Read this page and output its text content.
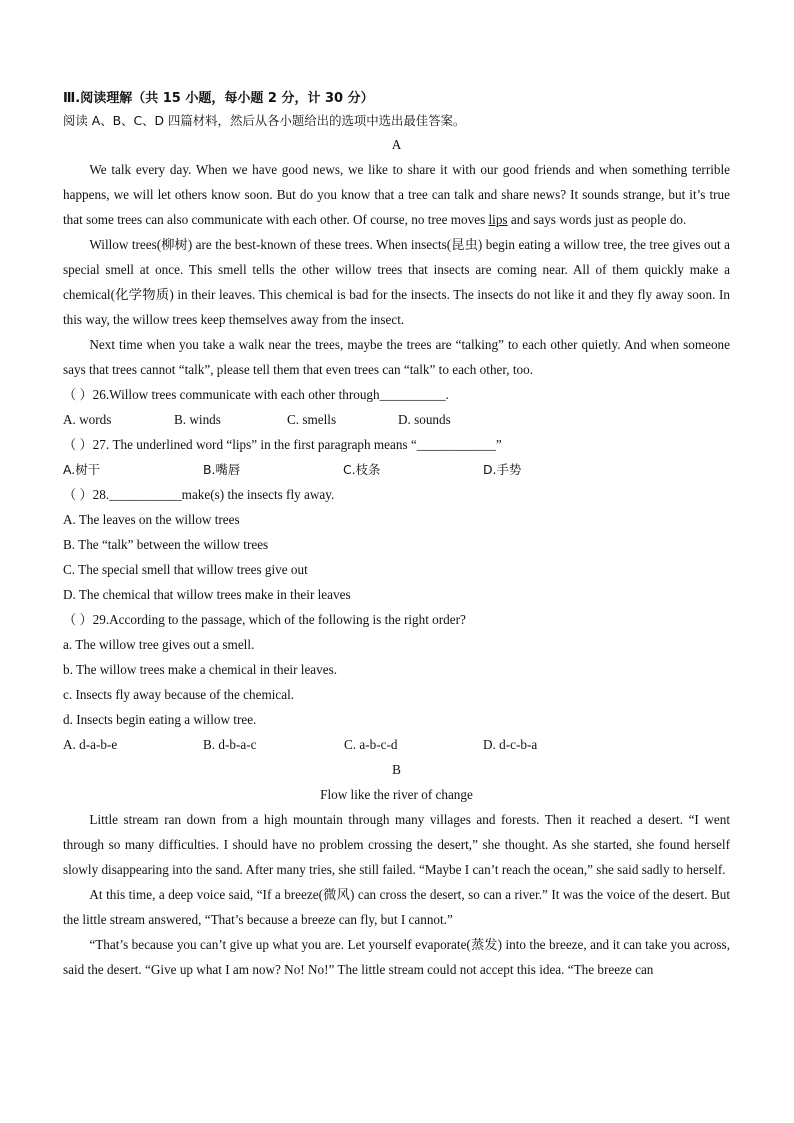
Ⅲ.阅读理解（共 15 小题，每小题 2 分，计 30 分）
阅读 A、B、C、D 四篇材料，然后从各小题给出的选项中选出最佳答案。
A

We talk every day. When we have good news, we like to share it with our good friends and when something terrible happens, we will let others know soon. But do you know that a tree can talk and share news? It sounds strange, but it’s true that some trees can also communicate with each other. Of course, no tree moves lips and says words just as people do.

Willow trees(柳树) are the best-known of these trees. When insects(昆虫) begin eating a willow tree, the tree gives out a special smell at once. This smell tells the other willow trees that insects are coming near. All of them quickly make a chemical(化学物质) in their leaves. This chemical is bad for the insects. The insects do not like it and they fly away soon. In this way, the willow trees keep themselves away from the insect.

Next time when you take a walk near the trees, maybe the trees are “talking” to each other quietly. And when someone says that trees cannot “talk”, please tell them that even trees can “talk” to each other, too.

（ ）26.Willow trees communicate with each other through__________.
A. words	B. winds	C. smells	D. sounds
（ ）27. The underlined word “lips” in the first paragraph means “____________”
A.树干	B.嘴唇	C.枝条	D.手势
（ ）28.___________make(s) the insects fly away.
A. The leaves on the willow trees
B. The “talk” between the willow trees
C. The special smell that willow trees give out
D. The chemical that willow trees make in their leaves
（ ）29.According to the passage, which of the following is the right order?
a. The willow tree gives out a smell.
b. The willow trees make a chemical in their leaves.
c. Insects fly away because of the chemical.
d. Insects begin eating a willow tree.
A. d-a-b-e	B. d-b-a-c	C. a-b-c-d	D. d-c-b-a
B
Flow like the river of change

Little stream ran down from a high mountain through many villages and forests. Then it reached a desert. “I went through so many difficulties. I should have no problem crossing the desert,” she thought. As she started, she found herself slowly disappearing into the sand. After many tries, she still failed. “Maybe I can’t reach the ocean,” she said sadly to herself.

At this time, a deep voice said, “If a breeze(微风) can cross the desert, so can a river.” It was the voice of the desert. But the little stream answered, “That’s because a breeze can fly, but I cannot.”

“That’s because you can’t give up what you are. Let yourself evaporate(蒸发) into the breeze, and it can take you across, said the desert. “Give up what I am now? No! No!” The little stream could not accept this idea. “The breeze can
